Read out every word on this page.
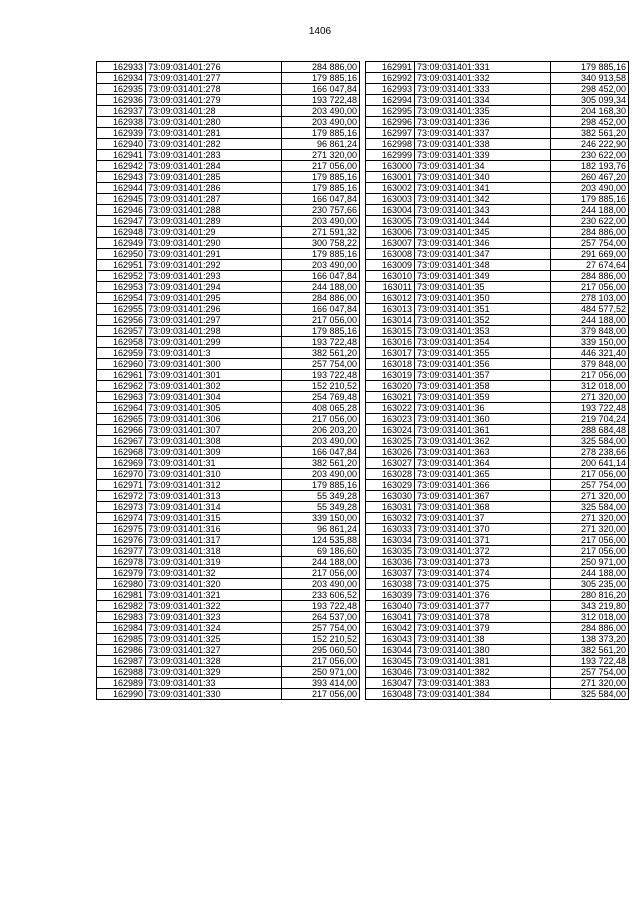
1406
162933	73:09:031401:276	284 886,00
162934	73:09:031401:277	179 885,16
162935	73:09:031401:278	166 047,84
162936	73:09:031401:279	193 722,48
162937	73:09:031401:28	203 490,00
162938	73:09:031401:280	203 490,00
162939	73:09:031401:281	179 885,16
162940	73:09:031401:282	96 861,24
162941	73:09:031401:283	271 320,00
162942	73:09:031401:284	217 056,00
162943	73:09:031401:285	179 885,16
162944	73:09:031401:286	179 885,16
162945	73:09:031401:287	166 047,84
162946	73:09:031401:288	230 757,66
162947	73:09:031401:289	203 490,00
162948	73:09:031401:29	271 591,32
162949	73:09:031401:290	300 758,22
162950	73:09:031401:291	179 885,16
162951	73:09:031401:292	203 490,00
162952	73:09:031401:293	166 047,84
162953	73:09:031401:294	244 188,00
162954	73:09:031401:295	284 886,00
162955	73:09:031401:296	166 047,84
162956	73:09:031401:297	217 056,00
162957	73:09:031401:298	179 885,16
162958	73:09:031401:299	193 722,48
162959	73:09:031401:3	382 561,20
162960	73:09:031401:300	257 754,00
162961	73:09:031401:301	193 722,48
162962	73:09:031401:302	152 210,52
162963	73:09:031401:304	254 769,48
162964	73:09:031401:305	408 065,28
162965	73:09:031401:306	217 056,00
162966	73:09:031401:307	206 203,20
162967	73:09:031401:308	203 490,00
162968	73:09:031401:309	166 047,84
162969	73:09:031401:31	382 561,20
162970	73:09:031401:310	203 490,00
162971	73:09:031401:312	179 885,16
162972	73:09:031401:313	55 349,28
162973	73:09:031401:314	55 349,28
162974	73:09:031401:315	339 150,00
162975	73:09:031401:316	96 861,24
162976	73:09:031401:317	124 535,88
162977	73:09:031401:318	69 186,60
162978	73:09:031401:319	244 188,00
162979	73:09:031401:32	217 056,00
162980	73:09:031401:320	203 490,00
162981	73:09:031401:321	233 606,52
162982	73:09:031401:322	193 722,48
162983	73:09:031401:323	264 537,00
162984	73:09:031401:324	257 754,00
162985	73:09:031401:325	152 210,52
162986	73:09:031401:327	295 060,50
162987	73:09:031401:328	217 056,00
162988	73:09:031401:329	250 971,00
162989	73:09:031401:33	393 414,00
162990	73:09:031401:330	217 056,00
162991	73:09:031401:331	179 885,16
162992	73:09:031401:332	340 913,58
162993	73:09:031401:333	298 452,00
162994	73:09:031401:334	305 099,34
162995	73:09:031401:335	204 168,30
162996	73:09:031401:336	298 452,00
162997	73:09:031401:337	382 561,20
162998	73:09:031401:338	246 222,90
162999	73:09:031401:339	230 622,00
163000	73:09:031401:34	182 193,76
163001	73:09:031401:340	260 467,20
163002	73:09:031401:341	203 490,00
163003	73:09:031401:342	179 885,16
163004	73:09:031401:343	244 188,00
163005	73:09:031401:344	230 622,00
163006	73:09:031401:345	284 886,00
163007	73:09:031401:346	257 754,00
163008	73:09:031401:347	291 669,00
163009	73:09:031401:348	27 674,64
163010	73:09:031401:349	284 886,00
163011	73:09:031401:35	217 056,00
163012	73:09:031401:350	278 103,00
163013	73:09:031401:351	484 577,52
163014	73:09:031401:352	244 188,00
163015	73:09:031401:353	379 848,00
163016	73:09:031401:354	339 150,00
163017	73:09:031401:355	446 321,40
163018	73:09:031401:356	379 848,00
163019	73:09:031401:357	217 056,00
163020	73:09:031401:358	312 018,00
163021	73:09:031401:359	271 320,00
163022	73:09:031401:36	193 722,48
163023	73:09:031401:360	219 704,24
163024	73:09:031401:361	288 684,48
163025	73:09:031401:362	325 584,00
163026	73:09:031401:363	278 238,66
163027	73:09:031401:364	200 641,14
163028	73:09:031401:365	217 056,00
163029	73:09:031401:366	257 754,00
163030	73:09:031401:367	271 320,00
163031	73:09:031401:368	325 584,00
163032	73:09:031401:37	271 320,00
163033	73:09:031401:370	271 320,00
163034	73:09:031401:371	217 056,00
163035	73:09:031401:372	217 056,00
163036	73:09:031401:373	250 971,00
163037	73:09:031401:374	244 188,00
163038	73:09:031401:375	305 235,00
163039	73:09:031401:376	280 816,20
163040	73:09:031401:377	343 219,80
163041	73:09:031401:378	312 018,00
163042	73:09:031401:379	284 886,00
163043	73:09:031401:38	138 373,20
163044	73:09:031401:380	382 561,20
163045	73:09:031401:381	193 722,48
163046	73:09:031401:382	257 754,00
163047	73:09:031401:383	271 320,00
163048	73:09:031401:384	325 584,00
